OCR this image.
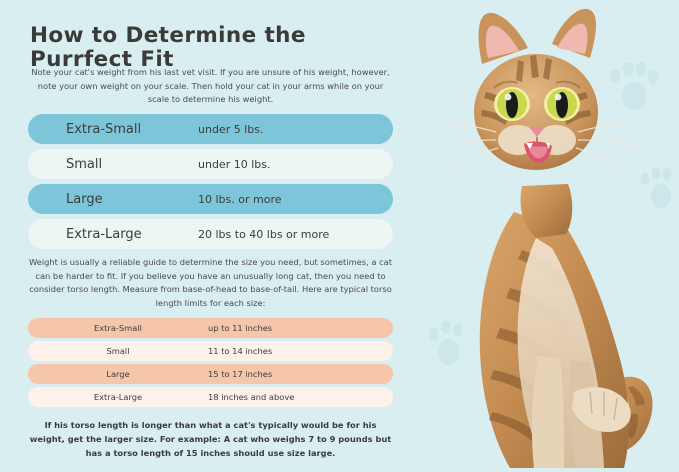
How to Determine the Purrfect Fit
Note your cat's weight from his last vet visit. If you are unsure of his weight, however, note your own weight on your scale. Then hold your cat in your arms while on your scale to determine his weight.
Extra-Small	under 5 lbs.
Small	under 10 lbs.
Large	10 lbs. or more
Extra-Large	20 lbs to 40 lbs or more
Weight is usually a reliable guide to determine the size you need, but sometimes, a cat can be harder to fit. If you believe you have an unusually long cat, then you need to consider torso length. Measure from base-of-head to base-of-tail. Here are typical torso length limits for each size:
Extra-Small	up to 11 inches
Small	11 to 14 inches
Large	15 to 17 inches
Extra-Large	18 inches and above
If his torso length is longer than what a cat's typically would be for his weight, get the larger size. For example: A cat who weighs 7 to 9 pounds but has a torso length of 15 inches should use size large.
